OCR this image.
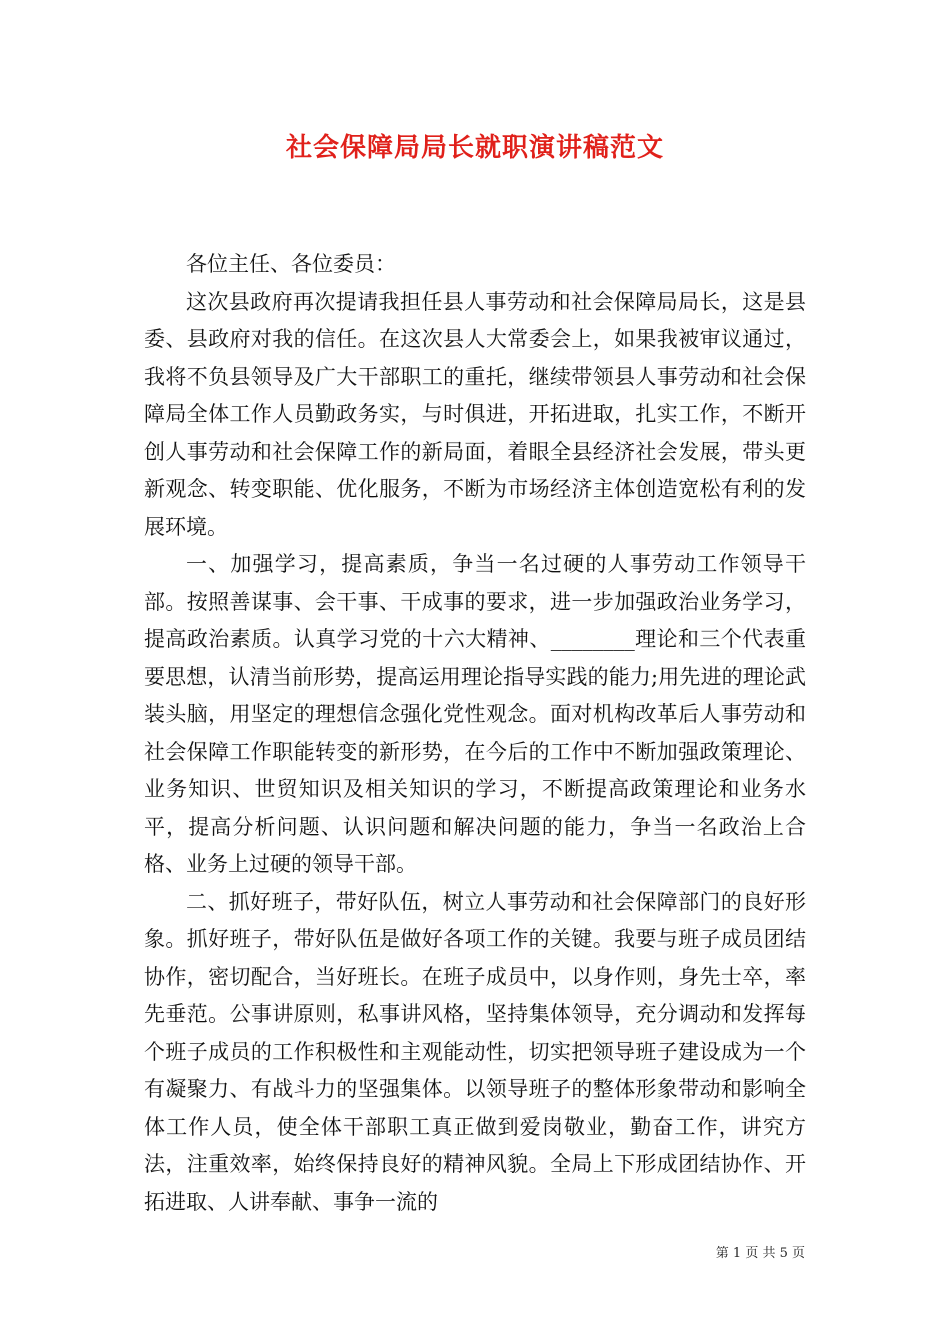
社会保障局局长就职演讲稿范文

各位主任、各位委员：

这次县政府再次提请我担任县人事劳动和社会保障局局长，这是县委、县政府对我的信任。在这次县人大常委会上，如果我被审议通过，我将不负县领导及广大干部职工的重托，继续带领县人事劳动和社会保障局全体工作人员勤政务实，与时俱进，开拓进取，扎实工作，不断开创人事劳动和社会保障工作的新局面，着眼全县经济社会发展，带头更新观念、转变职能、优化服务，不断为市场经济主体创造宽松有利的发展环境。

一、加强学习，提高素质，争当一名过硬的人事劳动工作领导干部。按照善谋事、会干事、干成事的要求，进一步加强政治业务学习，提高政治素质。认真学习党的十六大精神、________理论和三个代表重要思想，认清当前形势，提高运用理论指导实践的能力;用先进的理论武装头脑，用坚定的理想信念强化党性观念。面对机构改革后人事劳动和社会保障工作职能转变的新形势，在今后的工作中不断加强政策理论、业务知识、世贸知识及相关知识的学习，不断提高政策理论和业务水平，提高分析问题、认识问题和解决问题的能力，争当一名政治上合格、业务上过硬的领导干部。

二、抓好班子，带好队伍，树立人事劳动和社会保障部门的良好形象。抓好班子，带好队伍是做好各项工作的关键。我要与班子成员团结协作，密切配合，当好班长。在班子成员中，以身作则，身先士卒，率先垂范。公事讲原则，私事讲风格，坚持集体领导，充分调动和发挥每个班子成员的工作积极性和主观能动性，切实把领导班子建设成为一个有凝聚力、有战斗力的坚强集体。以领导班子的整体形象带动和影响全体工作人员，使全体干部职工真正做到爱岗敬业，勤奋工作，讲究方法，注重效率，始终保持良好的精神风貌。全局上下形成团结协作、开拓进取、人讲奉献、事争一流的

第 1 页 共 5 页
